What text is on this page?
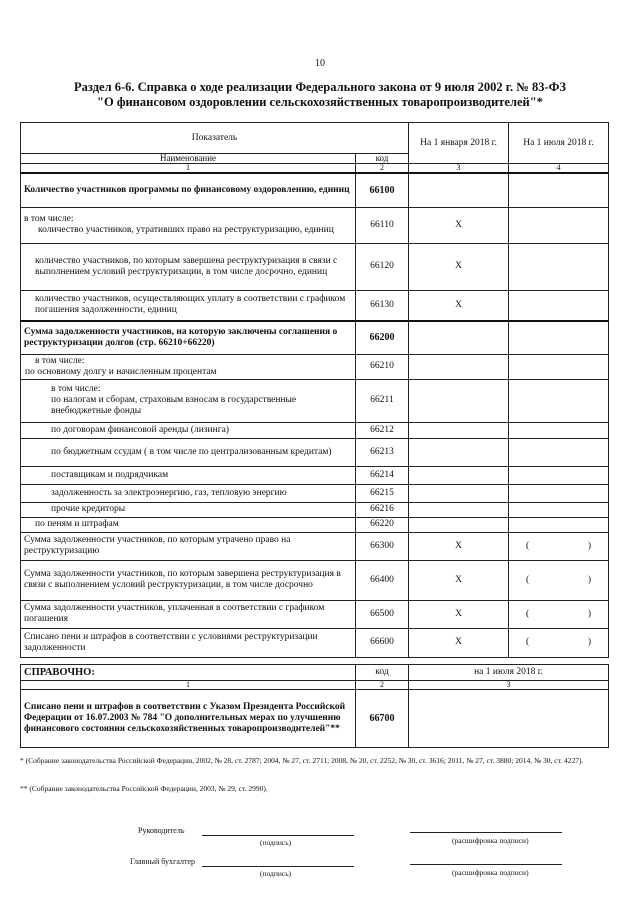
10
Раздел 6-6. Справка о ходе реализации Федерального закона от 9 июля 2002 г. № 83-ФЗ
"О финансовом оздоровлении сельскохозяйственных товаропроизводителей"*
Показатель		На 1 января 2018 г.	На 1 июля 2018 г.
Наименование	код		
1	2	3	4
Количество участников программы по финансовому оздоровлению, единиц	66100		

в том числе:
количество участников, утративших право на реструктуризацию, единиц	66110	X	
количество участников, по которым завершена реструктуризация в связи с выполнением условий реструктуризации, в том числе досрочно, единиц	66120	X	
количество участников, осуществляющих уплату в соответствии с графиком погашения задолженности, единиц	66130	X	
Сумма задолженности участников, на которую заключены соглашения о реструктуризации долгов (стр. 66210+66220)	66200		

в том числе:
по основному долгу и начисленным процентам	66210		

в том числе:
по налогам и сборам, страховым взносам в государственные внебюджетные фонды	66211		
по договорам финансовой аренды (лизинга)	66212		
по бюджетным ссудам ( в том числе по централизованным кредитам)	66213		
поставщикам и подрядчикам	66214		
задолженность за электроэнергию, газ, тепловую энергию	66215		
прочие кредиторы	66216		
по пеням и штрафам	66220		
Сумма задолженности участников, по которым утрачено право на реструктуризацию	66300	X	( )

Сумма задолженности участников, по которым завершена реструктуризация в связи с выполнением условий реструктуризации, в том числе досрочно	66400	X	( )

Сумма задолженности участников, уплаченная в соответствии с графиком погашения	66500	X	( )

Списано пени и штрафов в соответствии с условиями реструктуризации задолженности	66600	X	( )
СПРАВОЧНО:	код	на 1 июля 2018 г.
1	2	3
Списано пени и штрафов в соответствии с Указом Президента Российской Федерации от 16.07.2003 № 784 "О дополнительных мерах по улучшению финансового состояния сельскохозяйственных товаропроизводителей"**	66700	
* (Собрание законодательства Российской Федерации, 2002, № 28, ст. 2787; 2004, № 27, ст. 2711; 2008, № 20, ст. 2252, № 30, ст. 3616; 2011, № 27, ст. 3880; 2014, № 30, ст. 4227).
** (Собрание законодательства Российской Федерации, 2003, № 29, ст. 2990).
Руководитель
(подпись)	(расшифровка подписи)
Главный бухгалтер
(подпись)	(расшифровка подписи)
